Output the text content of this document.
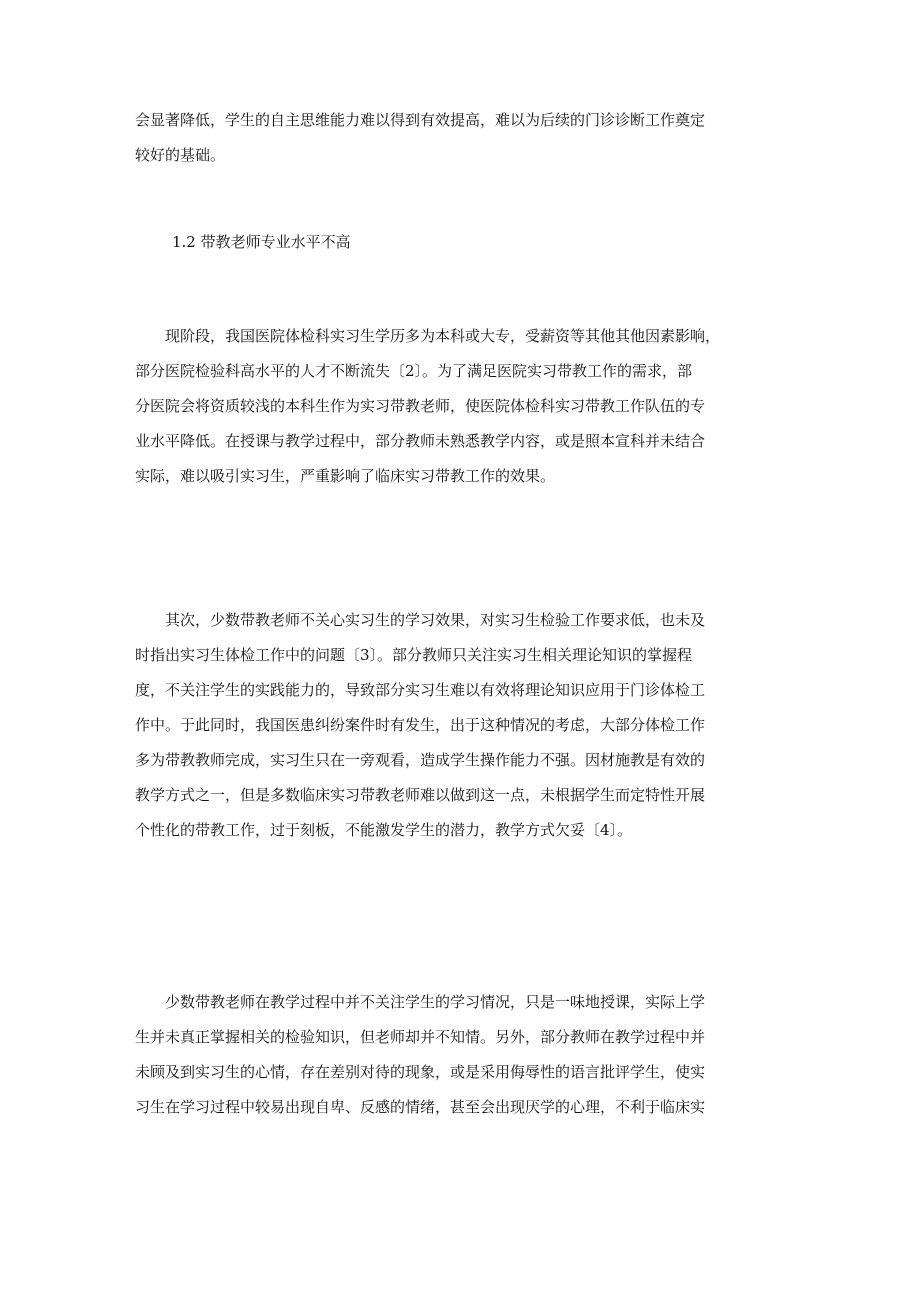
会显著降低，学生的自主思维能力难以得到有效提高，难以为后续的门诊诊断工作奠定
较好的基础。

1.2 带教老师专业水平不高

　　现阶段，我国医院体检科实习生学历多为本科或大专，受薪资等其他其他因素影响，
部分医院检验科高水平的人才不断流失〔2〕。为了满足医院实习带教工作的需求，部
分医院会将资质较浅的本科生作为实习带教老师，使医院体检科实习带教工作队伍的专
业水平降低。在授课与教学过程中，部分教师未熟悉教学内容，或是照本宣科并未结合
实际，难以吸引实习生，严重影响了临床实习带教工作的效果。

　　其次，少数带教老师不关心实习生的学习效果，对实习生检验工作要求低，也未及
时指出实习生体检工作中的问题〔3〕。部分教师只关注实习生相关理论知识的掌握程
度，不关注学生的实践能力的，导致部分实习生难以有效将理论知识应用于门诊体检工
作中。于此同时，我国医患纠纷案件时有发生，出于这种情况的考虑，大部分体检工作
多为带教教师完成，实习生只在一旁观看，造成学生操作能力不强。因材施教是有效的
教学方式之一，但是多数临床实习带教老师难以做到这一点，未根据学生而定特性开展
个性化的带教工作，过于刻板，不能激发学生的潜力，教学方式欠妥〔4〕。

　　少数带教老师在教学过程中并不关注学生的学习情况，只是一味地授课，实际上学
生并未真正掌握相关的检验知识，但老师却并不知情。另外，部分教师在教学过程中并
未顾及到实习生的心情，存在差别对待的现象，或是采用侮辱性的语言批评学生，使实
习生在学习过程中较易出现自卑、反感的情绪，甚至会出现厌学的心理，不利于临床实
